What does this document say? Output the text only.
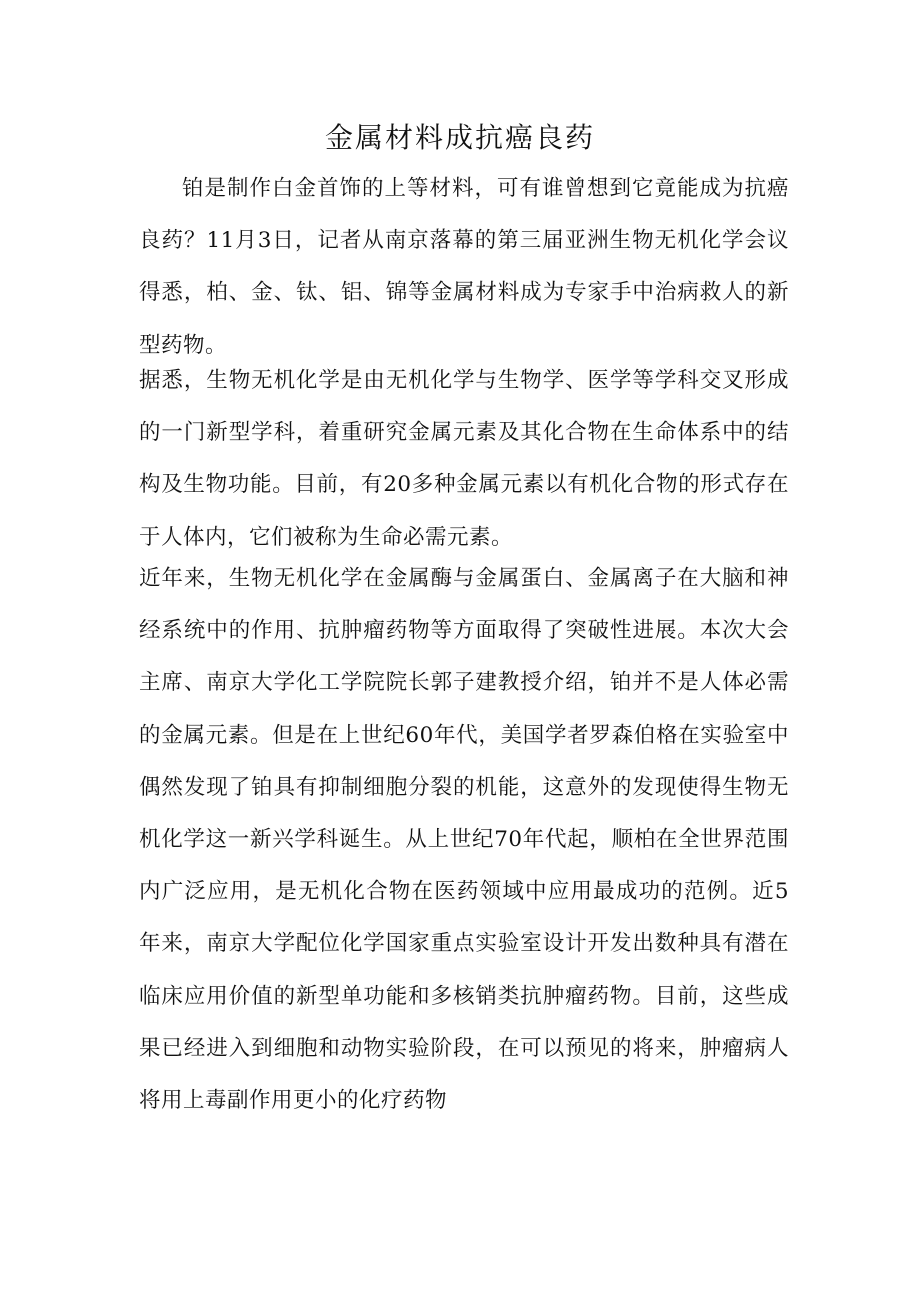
金属材料成抗癌良药

铂是制作白金首饰的上等材料，可有谁曾想到它竟能成为抗癌良药？11月3日，记者从南京落幕的第三届亚洲生物无机化学会议得悉，柏、金、钛、铝、锦等金属材料成为专家手中治病救人的新型药物。

据悉，生物无机化学是由无机化学与生物学、医学等学科交叉形成的一门新型学科，着重研究金属元素及其化合物在生命体系中的结构及生物功能。目前，有20多种金属元素以有机化合物的形式存在于人体内，它们被称为生命必需元素。

近年来，生物无机化学在金属酶与金属蛋白、金属离子在大脑和神经系统中的作用、抗肿瘤药物等方面取得了突破性进展。本次大会主席、南京大学化工学院院长郭子建教授介绍，铂并不是人体必需的金属元素。但是在上世纪60年代，美国学者罗森伯格在实验室中偶然发现了铂具有抑制细胞分裂的机能，这意外的发现使得生物无机化学这一新兴学科诞生。从上世纪70年代起，顺柏在全世界范围内广泛应用，是无机化合物在医药领域中应用最成功的范例。近5年来，南京大学配位化学国家重点实验室设计开发出数种具有潜在临床应用价值的新型单功能和多核销类抗肿瘤药物。目前，这些成果已经进入到细胞和动物实验阶段，在可以预见的将来，肿瘤病人将用上毒副作用更小的化疗药物
